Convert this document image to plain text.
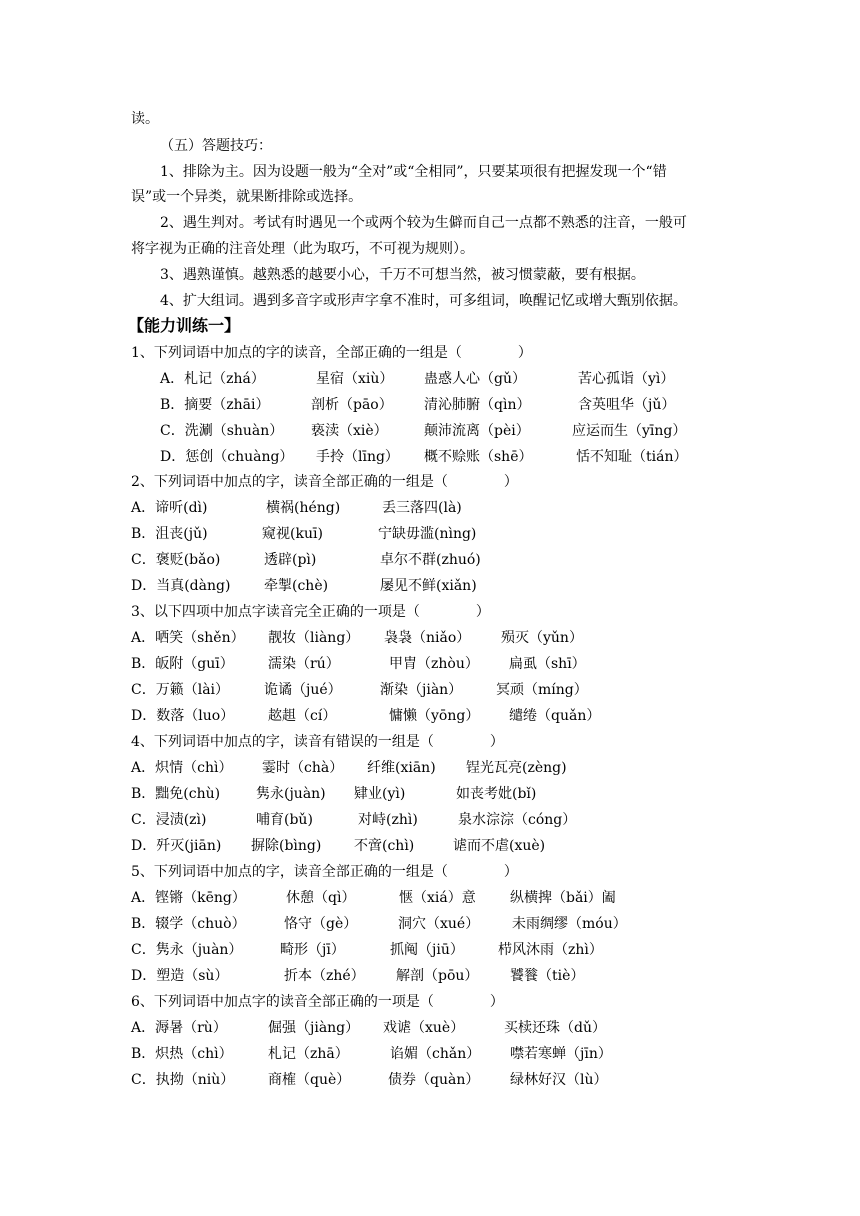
读。
（五）答题技巧：
1、排除为主。因为设题一般为“全对”或“全相同”，只要某项很有把握发现一个“错
误”或一个异类，就果断排除或选择。
2、遇生判对。考试有时遇见一个或两个较为生僻而自己一点都不熟悉的注音，一般可
将字视为正确的注音处理（此为取巧，不可视为规则）。
3、遇熟谨慎。越熟悉的越要小心，千万不可想当然，被习惯蒙蔽，要有根据。
4、扩大组词。遇到多音字或形声字拿不准时，可多组词，唤醒记忆或增大甄别依据。
【能力训练一】
1、下列词语中加点的字的读音，全部正确的一组是（　　　　）
A．札记（zhá）	星宿（xiù） 蛊惑人心（gǔ）	苦心孤诣（yì）
B．摘要（zhāi）	剖析（pāo） 清沁肺腑（qìn）	含英咀华（jǔ）
C．洗涮（shuàn） 亵渎（xiè）	颠沛流离（pèi）	应运而生（yīng）
D．惩创（chuàng） 手拎（līng） 概不赊账（shē）	恬不知耻（tián）
2、下列词语中加点的字，读音全部正确的一组是（　　　　）
A．谛听(dì)	横祸(héng)	丢三落四(là)
B．沮丧(jǔ)	窥视(kuī)	宁缺毋滥(nìng)
C．褒贬(bǎo)	透辟(pì)	卓尔不群(zhuó)
D．当真(dàng) 牵掣(chè)	屡见不鲜(xiǎn)
3、以下四项中加点字读音完全正确的一项是（　　　　）
A．哂笑（shěn） 靓妆（liàng） 袅袅（niǎo） 殒灭（yǔn）
B．皈附（guī） 濡染（rú）	甲胄（zhòu） 扁虱（shī）
C．万籁（lài） 诡谲（jué）	渐染（jiàn） 冥顽（míng）
D．数落（luo） 趑趄（cí）	慵懒（yōng） 缱绻（quǎn）
4、下列词语中加点的字，读音有错误的一组是（　　　　）
A．炽情（chì） 霎时（chà） 纤维(xiān) 锃光瓦亮(zèng)
B．黜免(chù)	隽永(juàn) 肄业(yì)	如丧考妣(bǐ)
C．浸渍(zì)	哺育(bǔ)	对峙(zhì)	泉水淙淙（cóng）
D．歼灭(jiān) 摒除(bìng) 不啻(chì)	谑而不虐(xuè)
5、下列词语中加点的字，读音全部正确的一组是（　　　　）
A．铿锵（kēng）	休憩（qì）	惬（xiá）意 纵横捭（bǎi）阖
B．辍学（chuò）	恪守（gè）	洞穴（xué） 未雨绸缪（móu）
C．隽永（juàn）	畸形（jī）	抓阄（jiū） 栉风沐雨（zhì）
D．塑造（sù）	折本（zhé） 解剖（pōu） 饕餮（tiè）
6、下列词语中加点字的读音全部正确的一项是（　　　　）
A．溽暑（rù）	倔强（jiàng） 戏谑（xuè）	买椟还珠（dǔ）
B．炽热（chì）	札记（zhā）	谄媚（chǎn） 噤若寒蝉（jīn）
C．执拗（niù） 商榷（què）	债券（quàn） 绿林好汉（lù）
